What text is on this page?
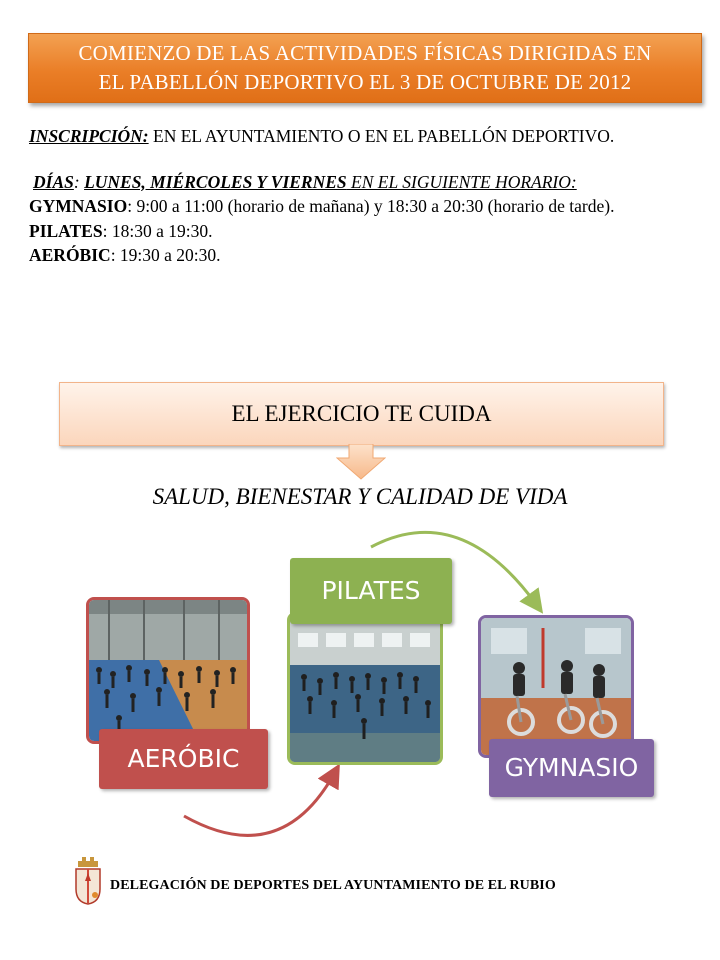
COMIENZO DE LAS ACTIVIDADES FÍSICAS DIRIGIDAS EN
EL PABELLÓN DEPORTIVO EL 3 DE OCTUBRE DE 2012

INSCRIPCIÓN: EN EL AYUNTAMIENTO O EN EL PABELLÓN DEPORTIVO.

DÍAS: LUNES, MIÉRCOLES Y VIERNES EN EL SIGUIENTE HORARIO:

GYMNASIO: 9:00 a 11:00 (horario de mañana) y 18:30 a 20:30 (horario de tarde).

PILATES: 18:30 a 19:30.

AERÓBIC: 19:30 a 20:30.

EL EJERCICIO TE CUIDA
SALUD, BIENESTAR Y CALIDAD DE VIDA
PILATES
AERÓBIC	GYMNASIO
DELEGACIÓN DE DEPORTES DEL AYUNTAMIENTO DE EL RUBIO
